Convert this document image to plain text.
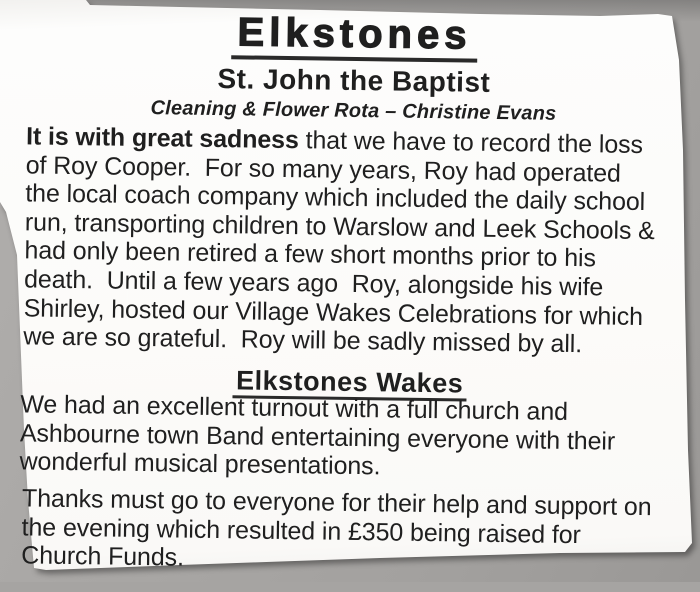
Elkstones
St. John the Baptist
Cleaning & Flower Rota – Christine Evans
It is with great sadness that we have to record the loss
of Roy Cooper.  For so many years, Roy had operated
the local coach company which included the daily school
run, transporting children to Warslow and Leek Schools &
had only been retired a few short months prior to his
death.  Until a few years ago  Roy, alongside his wife
Shirley, hosted our Village Wakes Celebrations for which
we are so grateful.  Roy will be sadly missed by all.
Elkstones Wakes
We had an excellent turnout with a full church and
Ashbourne town Band entertaining everyone with their
wonderful musical presentations.
Thanks must go to everyone for their help and support on
the evening which resulted in £350 being raised for
Church Funds.
